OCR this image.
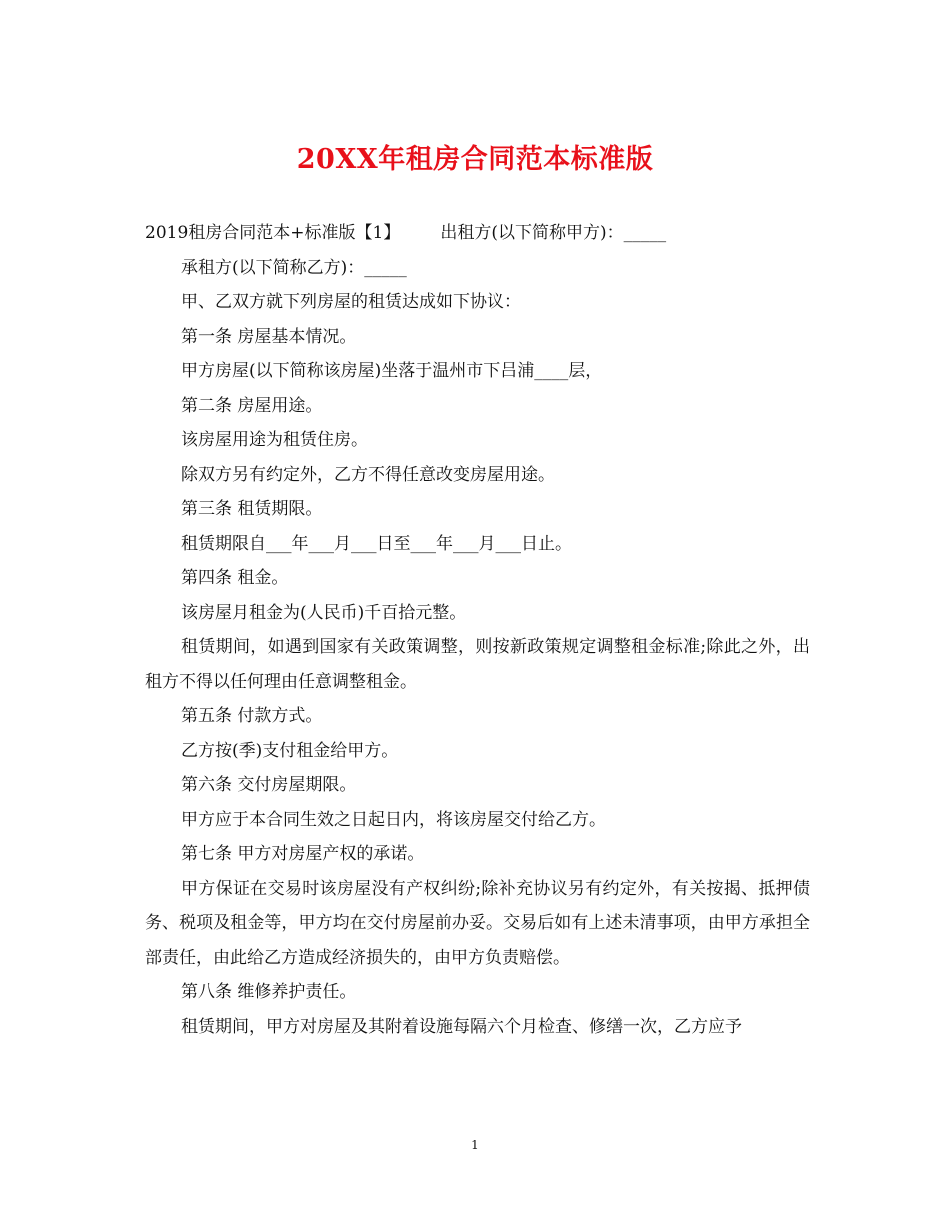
20XX年租房合同范本标准版

2019租房合同范本+标准版【1】 出租方(以下简称甲方)：_____

承租方(以下简称乙方)：_____

甲、乙双方就下列房屋的租赁达成如下协议：

第一条 房屋基本情况。

甲方房屋(以下简称该房屋)坐落于温州市下吕浦____层，

第二条 房屋用途。

该房屋用途为租赁住房。

除双方另有约定外，乙方不得任意改变房屋用途。

第三条 租赁期限。

租赁期限自___年___月___日至___年___月___日止。

第四条 租金。

该房屋月租金为(人民币)千百拾元整。

租赁期间，如遇到国家有关政策调整，则按新政策规定调整租金标准;除此之外，出租方不得以任何理由任意调整租金。

第五条 付款方式。

乙方按(季)支付租金给甲方。

第六条 交付房屋期限。

甲方应于本合同生效之日起日内，将该房屋交付给乙方。

第七条 甲方对房屋产权的承诺。

甲方保证在交易时该房屋没有产权纠纷;除补充协议另有约定外，有关按揭、抵押债务、税项及租金等，甲方均在交付房屋前办妥。交易后如有上述未清事项，由甲方承担全部责任，由此给乙方造成经济损失的，由甲方负责赔偿。

第八条 维修养护责任。

租赁期间，甲方对房屋及其附着设施每隔六个月检查、修缮一次，乙方应予

1
